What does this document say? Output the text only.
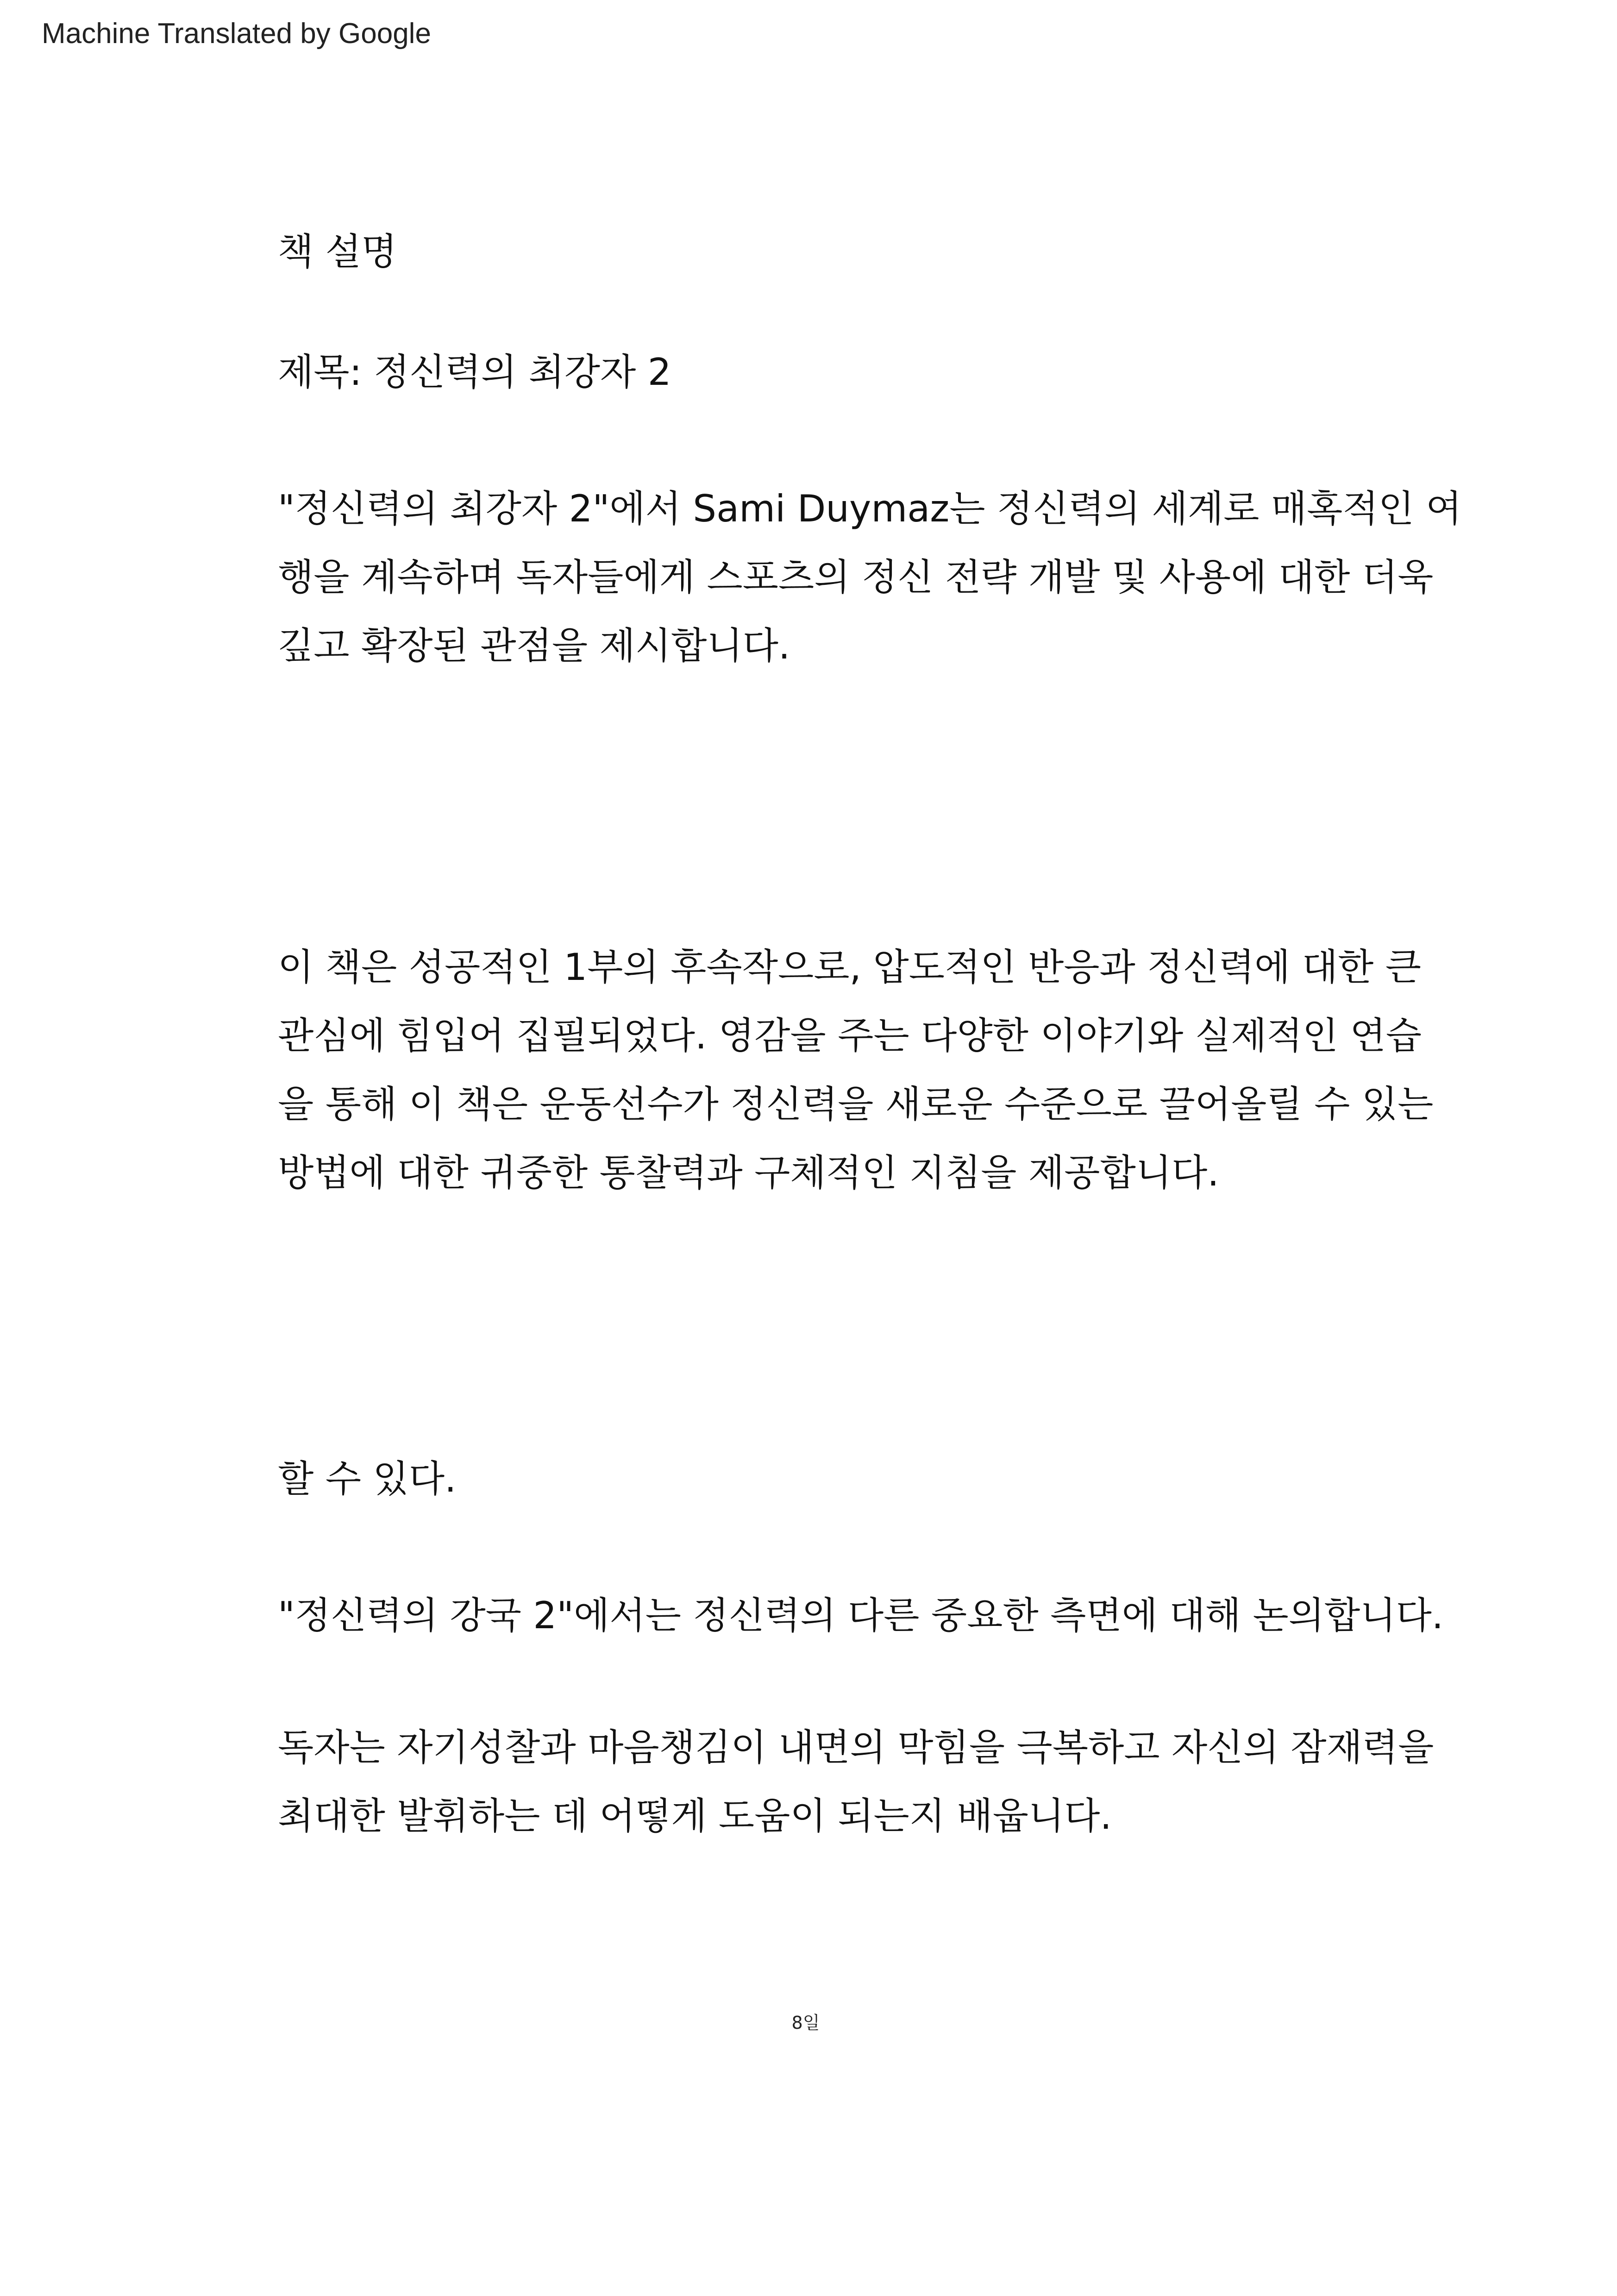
Machine Translated by Google
책 설명

제목: 정신력의 최강자 2

"정신력의 최강자 2"에서 Sami Duymaz는 정신력의 세계로 매혹적인 여
행을 계속하며 독자들에게 스포츠의 정신 전략 개발 및 사용에 대한 더욱
깊고 확장된 관점을 제시합니다.

이 책은 성공적인 1부의 후속작으로, 압도적인 반응과 정신력에 대한 큰
관심에 힘입어 집필되었다. 영감을 주는 다양한 이야기와 실제적인 연습
을 통해 이 책은 운동선수가 정신력을 새로운 수준으로 끌어올릴 수 있는
방법에 대한 귀중한 통찰력과 구체적인 지침을 제공합니다.

할 수 있다.

"정신력의 강국 2"에서는 정신력의 다른 중요한 측면에 대해 논의합니다.

독자는 자기성찰과 마음챙김이 내면의 막힘을 극복하고 자신의 잠재력을
최대한 발휘하는 데 어떻게 도움이 되는지 배웁니다.

8일
